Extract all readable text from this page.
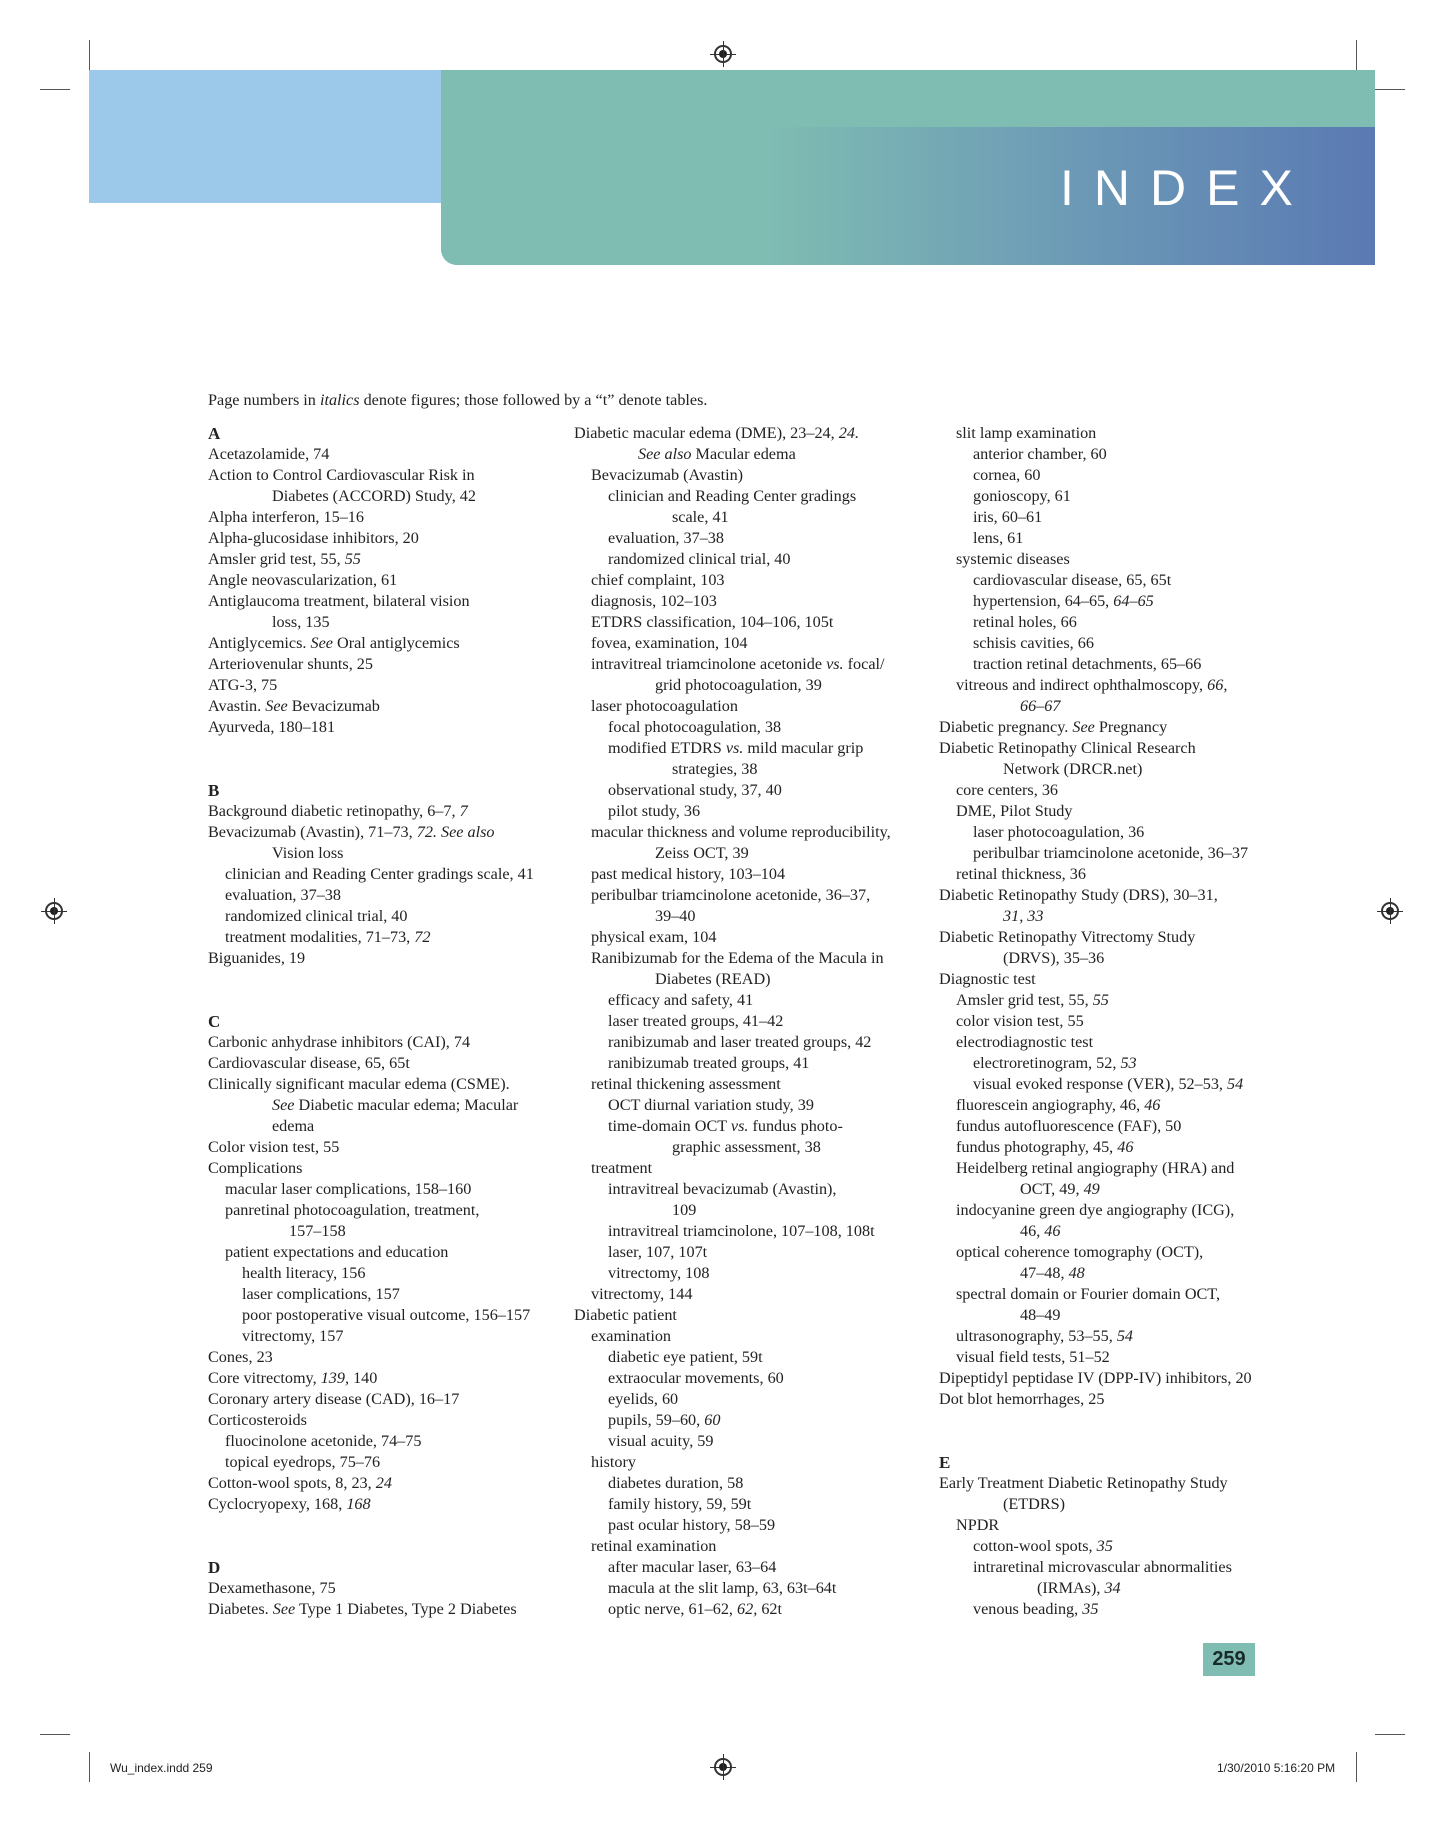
INDEX
Page numbers in italics denote figures; those followed by a “t” denote tables.
A
Acetazolamide, 74
Action to Control Cardiovascular Risk in
Diabetes (ACCORD) Study, 42
Alpha interferon, 15–16
Alpha-glucosidase inhibitors, 20
Amsler grid test, 55, 55
Angle neovascularization, 61
Antiglaucoma treatment, bilateral vision
loss, 135
Antiglycemics. See Oral antiglycemics
Arteriovenular shunts, 25
ATG-3, 75
Avastin. See Bevacizumab
Ayurveda, 180–181
B
Background diabetic retinopathy, 6–7, 7
Bevacizumab (Avastin), 71–73, 72. See also
Vision loss
clinician and Reading Center gradings scale, 41
evaluation, 37–38
randomized clinical trial, 40
treatment modalities, 71–73, 72
Biguanides, 19
C
Carbonic anhydrase inhibitors (CAI), 74
Cardiovascular disease, 65, 65t
Clinically significant macular edema (CSME).
See Diabetic macular edema; Macular
edema
Color vision test, 55
Complications
macular laser complications, 158–160
panretinal photocoagulation, treatment,
157–158
patient expectations and education
health literacy, 156
laser complications, 157
poor postoperative visual outcome, 156–157
vitrectomy, 157
Cones, 23
Core vitrectomy, 139, 140
Coronary artery disease (CAD), 16–17
Corticosteroids
fluocinolone acetonide, 74–75
topical eyedrops, 75–76
Cotton-wool spots, 8, 23, 24
Cyclocryopexy, 168, 168
D
Dexamethasone, 75
Diabetes. See Type 1 Diabetes, Type 2 Diabetes
Diabetic macular edema (DME), 23–24, 24.
See also Macular edema
Bevacizumab (Avastin)
clinician and Reading Center gradings
scale, 41
evaluation, 37–38
randomized clinical trial, 40
chief complaint, 103
diagnosis, 102–103
ETDRS classification, 104–106, 105t
fovea, examination, 104
intravitreal triamcinolone acetonide vs. focal/
grid photocoagulation, 39
laser photocoagulation
focal photocoagulation, 38
modified ETDRS vs. mild macular grip
strategies, 38
observational study, 37, 40
pilot study, 36
macular thickness and volume reproducibility,
Zeiss OCT, 39
past medical history, 103–104
peribulbar triamcinolone acetonide, 36–37,
39–40
physical exam, 104
Ranibizumab for the Edema of the Macula in
Diabetes (READ)
efficacy and safety, 41
laser treated groups, 41–42
ranibizumab and laser treated groups, 42
ranibizumab treated groups, 41
retinal thickening assessment
OCT diurnal variation study, 39
time-domain OCT vs. fundus photo-
graphic assessment, 38
treatment
intravitreal bevacizumab (Avastin),
109
intravitreal triamcinolone, 107–108, 108t
laser, 107, 107t
vitrectomy, 108
vitrectomy, 144
Diabetic patient
examination
diabetic eye patient, 59t
extraocular movements, 60
eyelids, 60
pupils, 59–60, 60
visual acuity, 59
history
diabetes duration, 58
family history, 59, 59t
past ocular history, 58–59
retinal examination
after macular laser, 63–64
macula at the slit lamp, 63, 63t–64t
optic nerve, 61–62, 62, 62t
slit lamp examination
anterior chamber, 60
cornea, 60
gonioscopy, 61
iris, 60–61
lens, 61
systemic diseases
cardiovascular disease, 65, 65t
hypertension, 64–65, 64–65
retinal holes, 66
schisis cavities, 66
traction retinal detachments, 65–66
vitreous and indirect ophthalmoscopy, 66,
66–67
Diabetic pregnancy. See Pregnancy
Diabetic Retinopathy Clinical Research
Network (DRCR.net)
core centers, 36
DME, Pilot Study
laser photocoagulation, 36
peribulbar triamcinolone acetonide, 36–37
retinal thickness, 36
Diabetic Retinopathy Study (DRS), 30–31,
31, 33
Diabetic Retinopathy Vitrectomy Study
(DRVS), 35–36
Diagnostic test
Amsler grid test, 55, 55
color vision test, 55
electrodiagnostic test
electroretinogram, 52, 53
visual evoked response (VER), 52–53, 54
fluorescein angiography, 46, 46
fundus autofluorescence (FAF), 50
fundus photography, 45, 46
Heidelberg retinal angiography (HRA) and
OCT, 49, 49
indocyanine green dye angiography (ICG),
46, 46
optical coherence tomography (OCT),
47–48, 48
spectral domain or Fourier domain OCT,
48–49
ultrasonography, 53–55, 54
visual field tests, 51–52
Dipeptidyl peptidase IV (DPP-IV) inhibitors, 20
Dot blot hemorrhages, 25
E
Early Treatment Diabetic Retinopathy Study
(ETDRS)
NPDR
cotton-wool spots, 35
intraretinal microvascular abnormalities
(IRMAs), 34
venous beading, 35
259
Wu_index.indd 259	1/30/2010 5:16:20 PM
